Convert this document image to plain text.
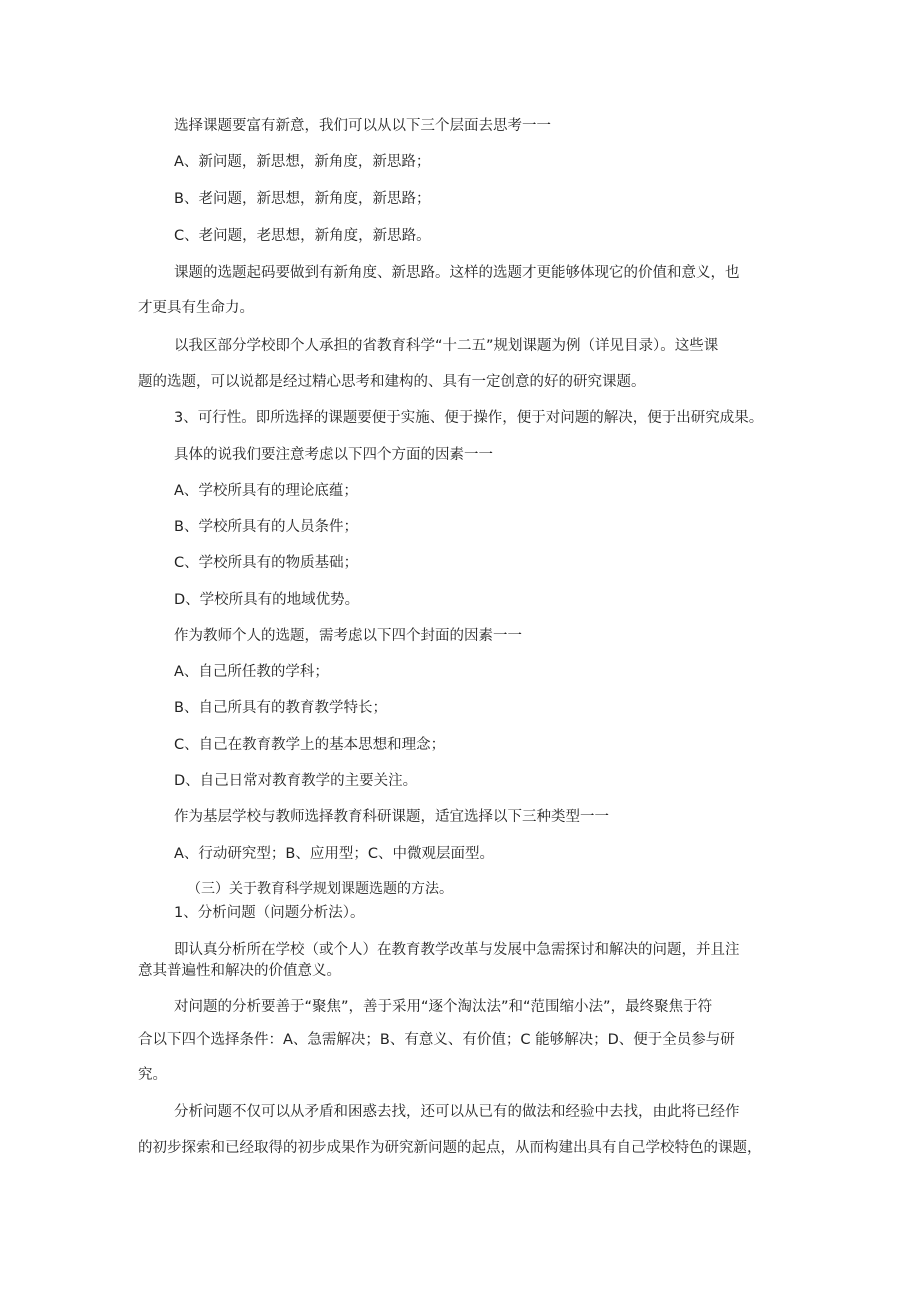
选择课题要富有新意，我们可以从以下三个层面去思考一一

A、新问题，新思想，新角度，新思路；

B、老问题，新思想，新角度，新思路；

C、老问题，老思想，新角度，新思路。

课题的选题起码要做到有新角度、新思路。这样的选题才更能够体现它的价值和意义，也

才更具有生命力。

以我区部分学校即个人承担的省教育科学“十二五”规划课题为例（详见目录）。这些课

题的选题，可以说都是经过精心思考和建构的、具有一定创意的好的研究课题。

3、可行性。即所选择的课题要便于实施、便于操作，便于对问题的解决，便于出研究成果。

具体的说我们要注意考虑以下四个方面的因素一一

A、学校所具有的理论底蕴；

B、学校所具有的人员条件；

C、学校所具有的物质基础；

D、学校所具有的地域优势。

作为教师个人的选题，需考虑以下四个封面的因素一一

A、自己所任教的学科；

B、自己所具有的教育教学特长；

C、自己在教育教学上的基本思想和理念；

D、自己日常对教育教学的主要关注。

作为基层学校与教师选择教育科研课题，适宜选择以下三种类型一一

A、行动研究型；B、应用型；C、中微观层面型。

（三）关于教育科学规划课题选题的方法。

1、分析问题（问题分析法）。

即认真分析所在学校（或个人）在教育教学改革与发展中急需探讨和解决的问题，并且注

意其普遍性和解决的价值意义。

对问题的分析要善于“聚焦”，善于采用“逐个淘汰法”和“范围缩小法”，最终聚焦于符

合以下四个选择条件：A、急需解决；B、有意义、有价值；C 能够解决；D、便于全员参与研

究。

分析问题不仅可以从矛盾和困惑去找，还可以从已有的做法和经验中去找，由此将已经作

的初步探索和已经取得的初步成果作为研究新问题的起点，从而构建出具有自己学校特色的课题，
